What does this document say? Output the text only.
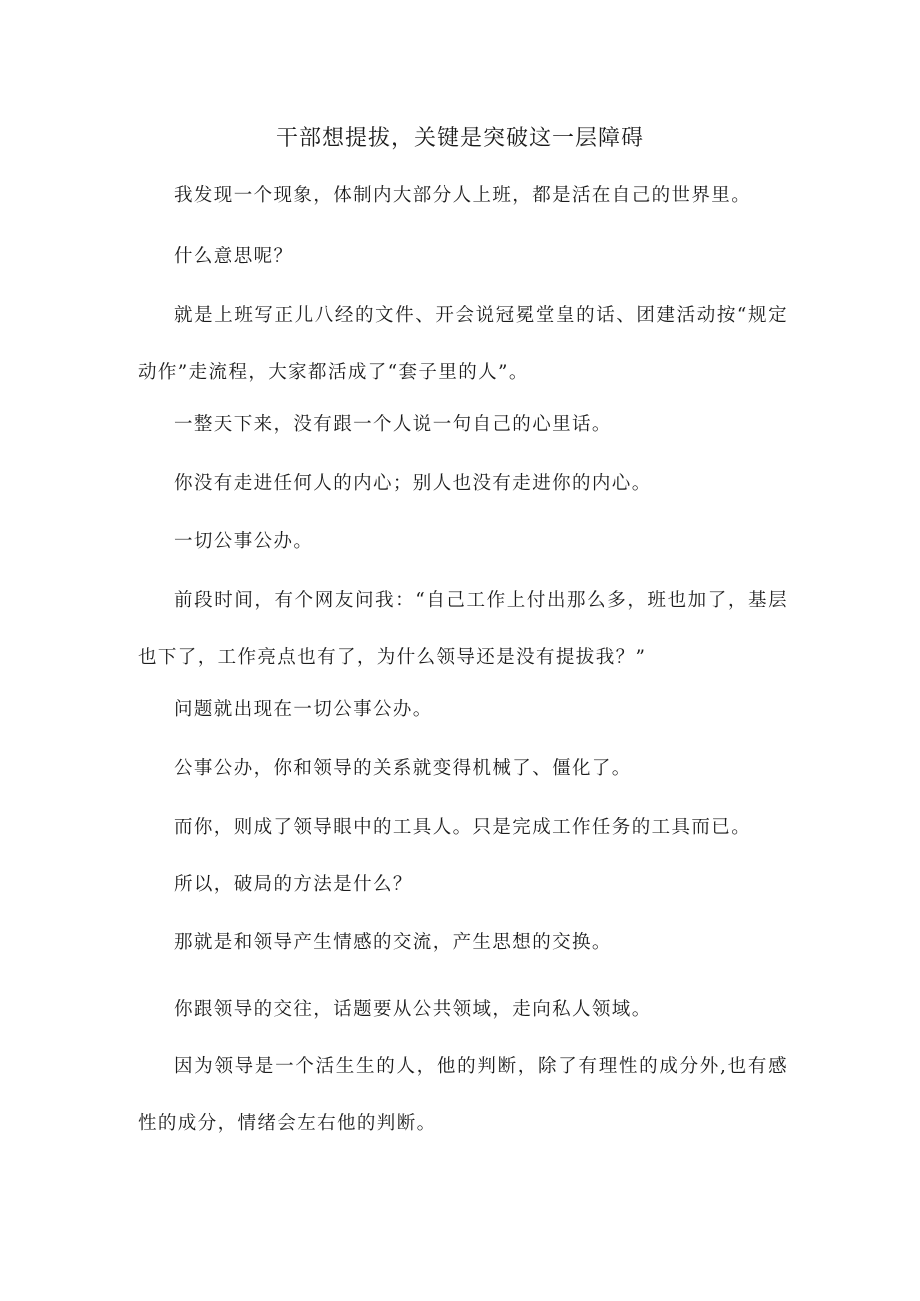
干部想提拔，关键是突破这一层障碍

我发现一个现象，体制内大部分人上班，都是活在自己的世界里。

什么意思呢？

就是上班写正儿八经的文件、开会说冠冕堂皇的话、团建活动按“规定动作”走流程，大家都活成了“套子里的人”。

一整天下来，没有跟一个人说一句自己的心里话。

你没有走进任何人的内心；别人也没有走进你的内心。

一切公事公办。

前段时间，有个网友问我：“自己工作上付出那么多，班也加了，基层也下了，工作亮点也有了，为什么领导还是没有提拔我？”

问题就出现在一切公事公办。

公事公办，你和领导的关系就变得机械了、僵化了。

而你，则成了领导眼中的工具人。只是完成工作任务的工具而已。

所以，破局的方法是什么？

那就是和领导产生情感的交流，产生思想的交换。

你跟领导的交往，话题要从公共领域，走向私人领域。

因为领导是一个活生生的人，他的判断，除了有理性的成分外,也有感性的成分，情绪会左右他的判断。
